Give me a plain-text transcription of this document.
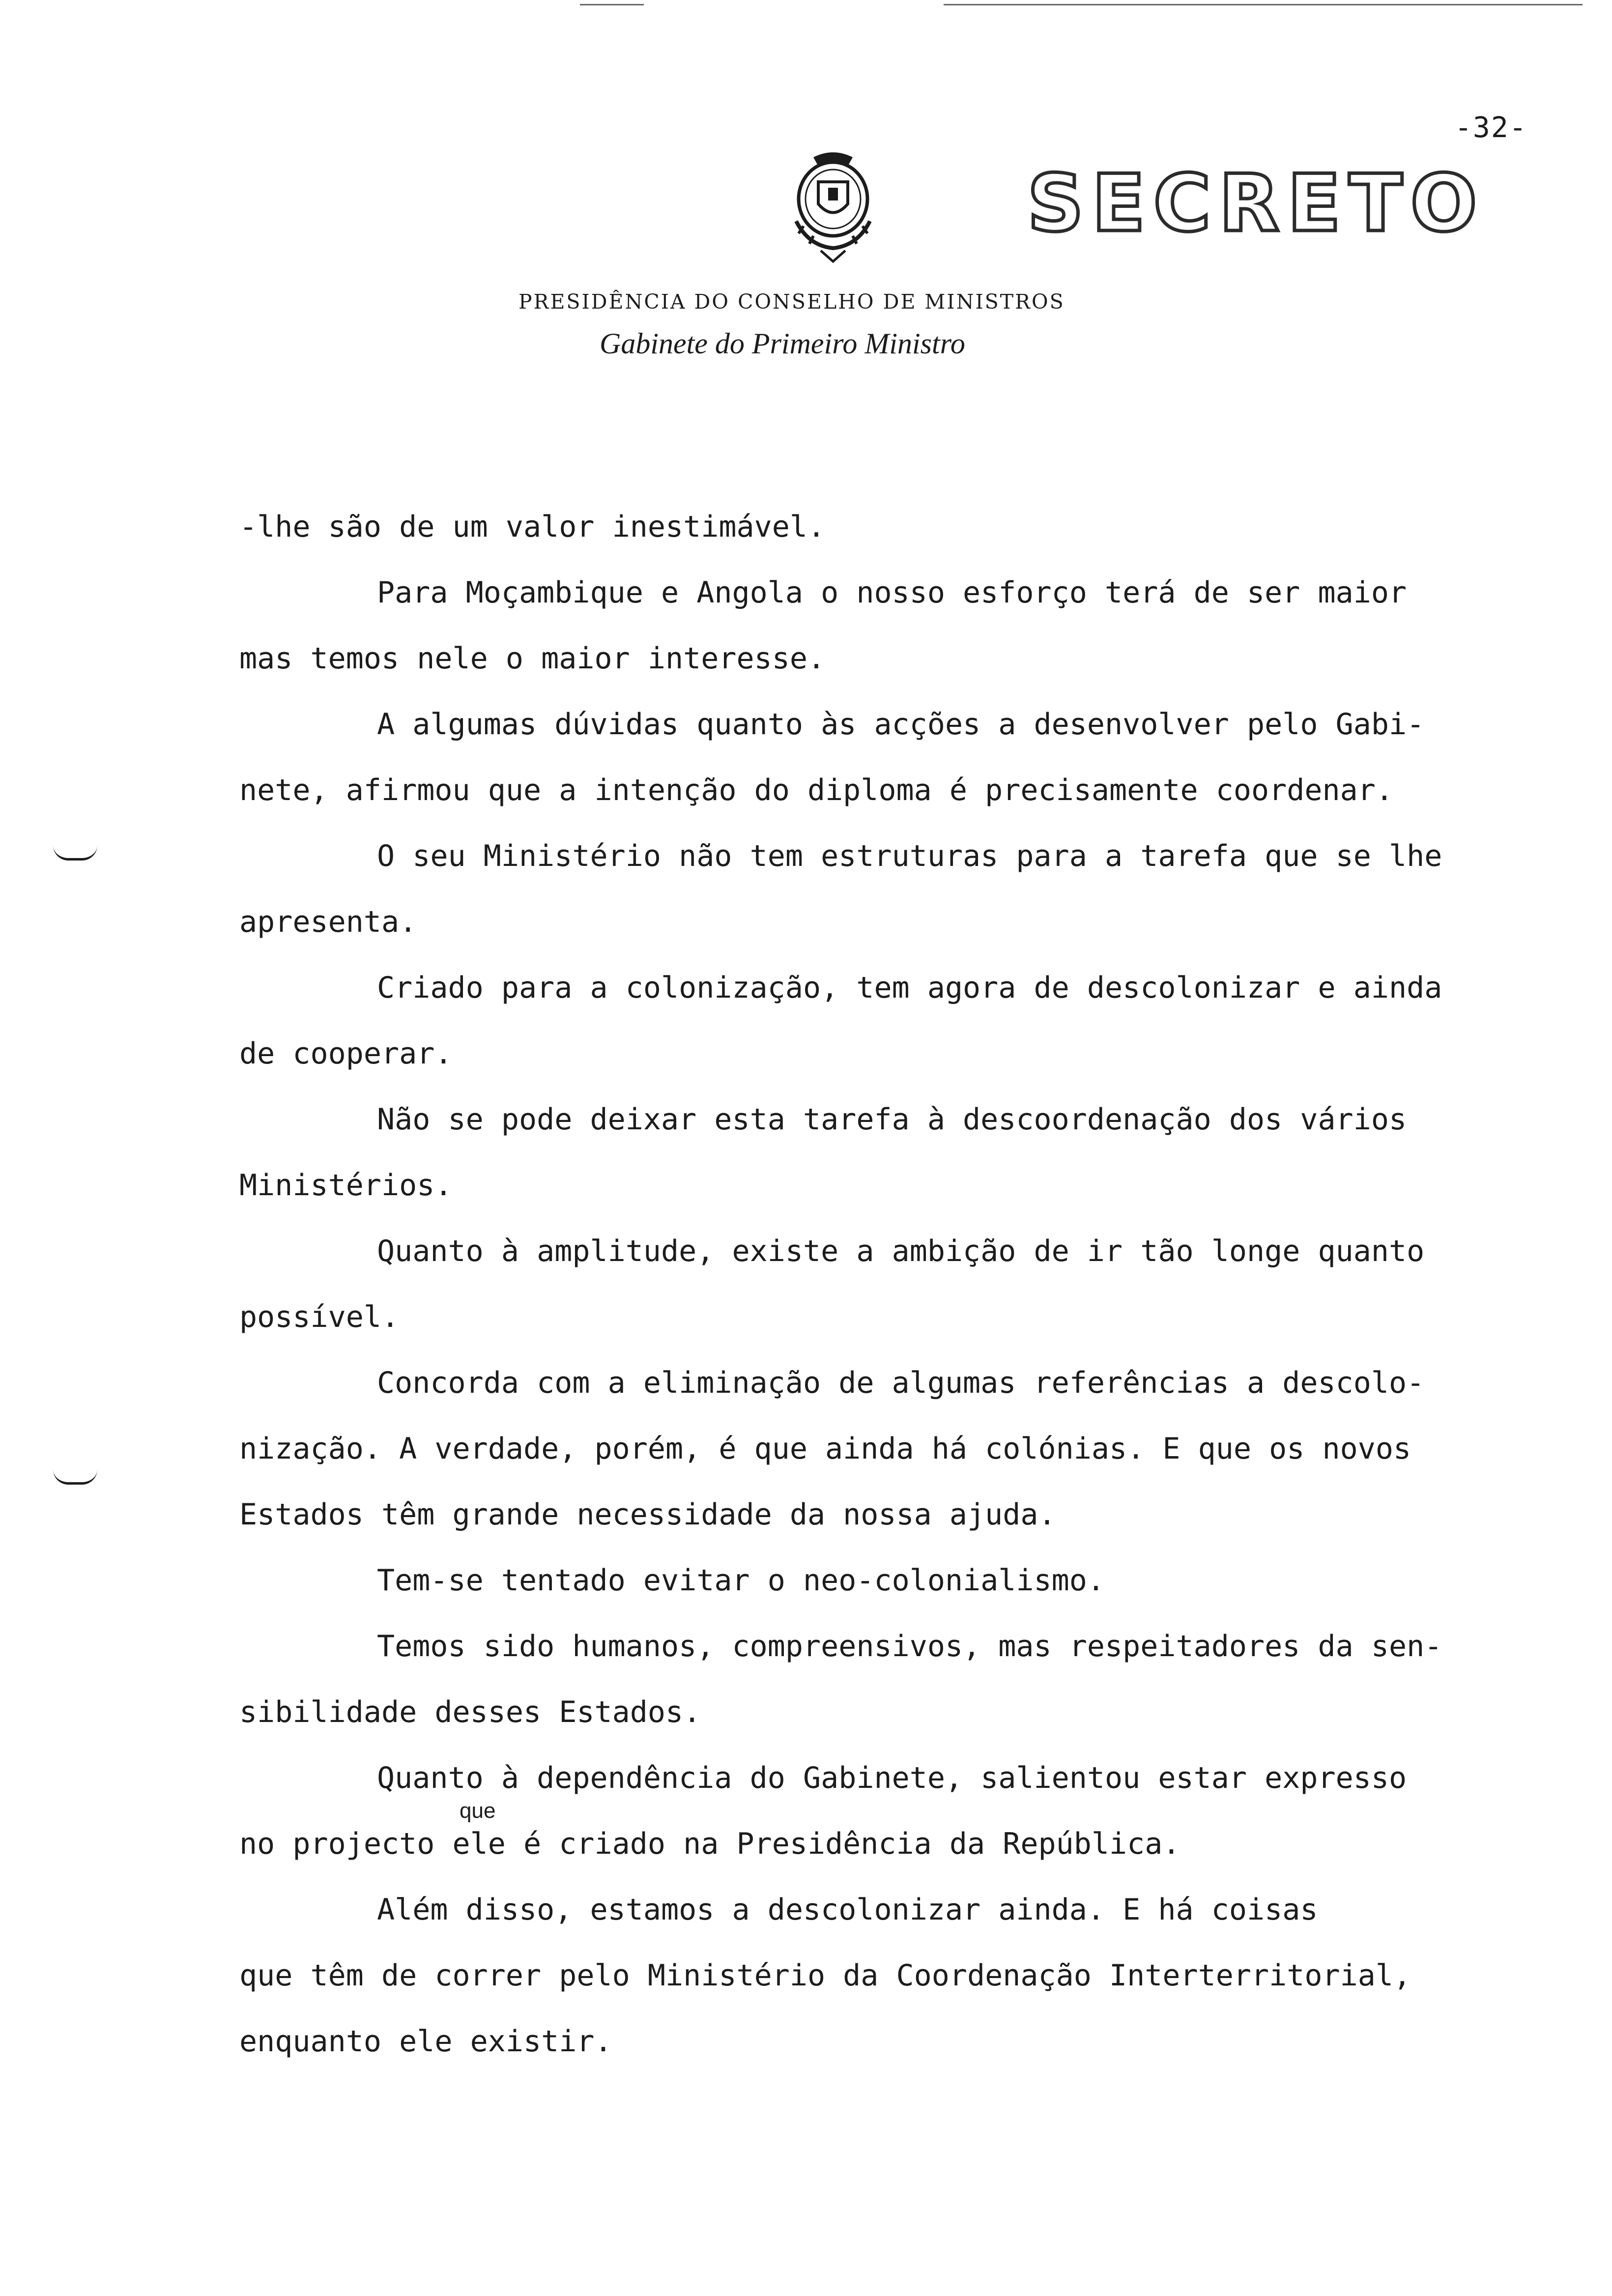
-32-
SECRETO
PRESIDÊNCIA DO CONSELHO DE MINISTROS
Gabinete do Primeiro Ministro
que

-lhe são de um valor inestimável.

Para Moçambique e Angola o nosso esforço terá de ser maior

mas temos nele o maior interesse.

A algumas dúvidas quanto às acções a desenvolver pelo Gabi-

nete, afirmou que a intenção do diploma é precisamente coordenar.

O seu Ministério não tem estruturas para a tarefa que se lhe

apresenta.

Criado para a colonização, tem agora de descolonizar e ainda

de cooperar.

Não se pode deixar esta tarefa à descoordenação dos vários

Ministérios.

Quanto à amplitude, existe a ambição de ir tão longe quanto

possível.

Concorda com a eliminação de algumas referências a descolo-

nização. A verdade, porém, é que ainda há colónias. E que os novos

Estados têm grande necessidade da nossa ajuda.

Tem-se tentado evitar o neo-colonialismo.

Temos sido humanos, compreensivos, mas respeitadores da sen-

sibilidade desses Estados.

Quanto à dependência do Gabinete, salientou estar expresso

no projecto ele é criado na Presidência da República.

Além disso, estamos a descolonizar ainda. E há coisas

que têm de correr pelo Ministério da Coordenação Interterritorial,

enquanto ele existir.
